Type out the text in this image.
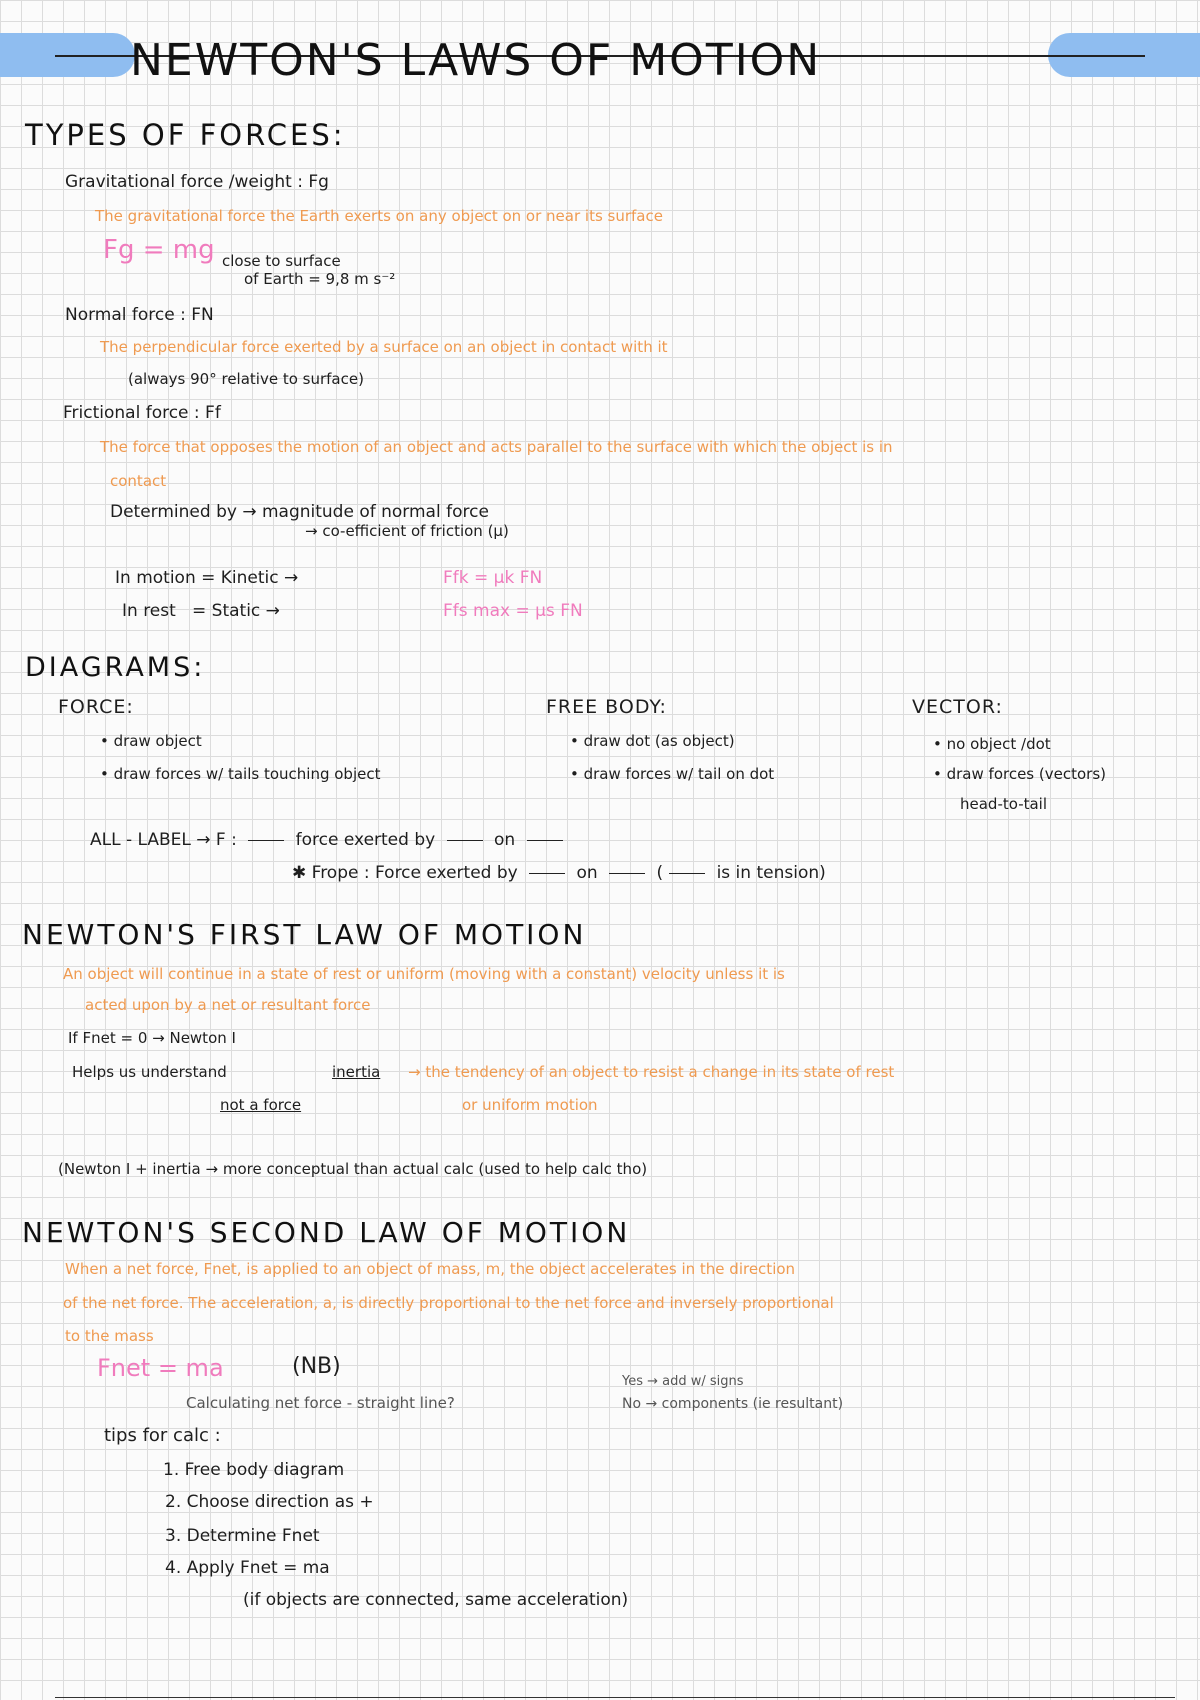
NEWTON'S LAWS OF MOTION
TYPES OF FORCES:
Gravitational force /weight : Fg
The gravitational force the Earth exerts on any object on or near its surface
Fg = mg close to surface
of Earth = 9,8 m s⁻²
Normal force : FN
The perpendicular force exerted by a surface on an object in contact with it
(always 90° relative to surface)
Frictional force : Ff
The force that opposes the motion of an object and acts parallel to the surface with which the object is in
contact
Determined by → magnitude of normal force
→ co-efficient of friction (μ)
In motion = Kinetic →	Ffk = μk FN
In rest   = Static →	Ffs max = μs FN
DIAGRAMS:
FORCE:
• draw object
• draw forces w/ tails touching object
FREE BODY:
• draw dot (as object)
• draw forces w/ tail on dot
VECTOR:
• no object /dot
• draw forces (vectors)
head-to-tail
ALL - LABEL → F :	force exerted by	on
✱ Frope : Force exerted by	on	(	is in tension)
NEWTON'S FIRST LAW OF MOTION
An object will continue in a state of rest or uniform (moving with a constant) velocity unless it is
acted upon by a net or resultant force
If Fnet = 0 → Newton I
Helps us understand	inertia → the tendency of an object to resist a change in its state of rest
or uniform motion
not a force
(Newton I + inertia → more conceptual than actual calc (used to help calc tho)
NEWTON'S SECOND LAW OF MOTION
When a net force, Fnet, is applied to an object of mass, m, the object accelerates in the direction
of the net force. The acceleration, a, is directly proportional to the net force and inversely proportional
to the mass
Fnet = ma	(NB)
Calculating net force - straight line?
Yes → add w/ signs
No → components (ie resultant)
tips for calc :
1. Free body diagram
2. Choose direction as +
3. Determine Fnet
4. Apply Fnet = ma
(if objects are connected, same acceleration)
